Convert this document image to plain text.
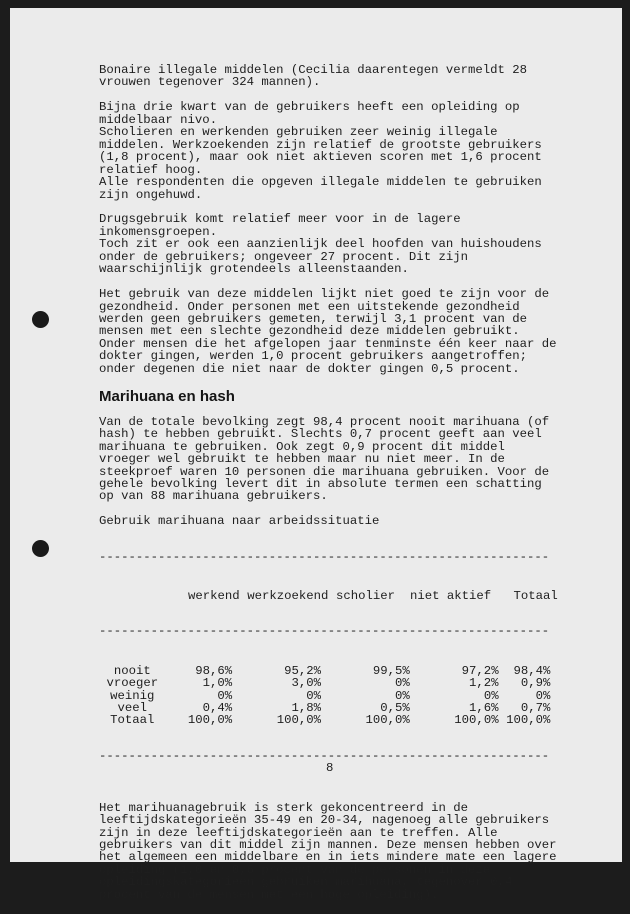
Bonaire illegale middelen (Cecilia daarentegen vermeldt 28
vrouwen tegenover 324 mannen).
Bijna drie kwart van de gebruikers heeft een opleiding op
middelbaar nivo.
Scholieren en werkenden gebruiken zeer weinig illegale
middelen. Werkzoekenden zijn relatief de grootste gebruikers
(1,8 procent), maar ook niet aktieven scoren met 1,6 procent
relatief hoog.
Alle respondenten die opgeven illegale middelen te gebruiken
zijn ongehuwd.
Drugsgebruik komt relatief meer voor in de lagere
inkomensgroepen.
Toch zit er ook een aanzienlijk deel hoofden van huishoudens
onder de gebruikers; ongeveer 27 procent. Dit zijn
waarschijnlijk grotendeels alleenstaanden.
Het gebruik van deze middelen lijkt niet goed te zijn voor de
gezondheid. Onder personen met een uitstekende gezondheid
werden geen gebruikers gemeten, terwijl 3,1 procent van de
mensen met een slechte gezondheid deze middelen gebruikt.
Onder mensen die het afgelopen jaar tenminste één keer naar de
dokter gingen, werden 1,0 procent gebruikers aangetroffen;
onder degenen die niet naar de dokter gingen 0,5 procent.
Marihuana en hash
Van de totale bevolking zegt 98,4 procent nooit marihuana (of
hash) te hebben gebruikt. Slechts 0,7 procent geeft aan veel
marihuana te gebruiken. Ook zegt 0,9 procent dit middel
vroeger wel gebruikt te hebben maar nu niet meer. In de
steekproef waren 10 personen die marihuana gebruiken. Voor de
gehele bevolking levert dit in absolute termen een schatting
op van 88 marihuana gebruikers.
Gebruik marihuana naar arbeidssituatie

-------------------------------------------------------------

werkend werkzoekend scholier	niet aktief	Totaal

-------------------------------------------------------------

nooit	98,6%	95,2%	99,5%	97,2%	98,4%
vroeger	1,0%	3,0%	0%	1,2%	0,9%
weinig	0%	0%	0%	0%	0%
veel	0,4%	1,8%	0,5%	1,6%	0,7%
Totaal	100,0%	100,0%	100,0%	100,0% 100,0%

-------------------------------------------------------------

Het marihuanagebruik is sterk gekoncentreerd in de
leeftijdskategorieën 35-49 en 20-34, nagenoeg alle gebruikers
zijn in deze leeftijdskategorieën aan te treffen. Alle
gebruikers van dit middel zijn mannen. Deze mensen hebben over
het algemeen een middelbare en in iets mindere mate een lagere
opleiding (1,0 en 0,6 procent van de personen in deze
opleidingskategorieën gebruiken marihuana, tegenover 0,4
procent van de mensen met een hoge opleiding).
8
